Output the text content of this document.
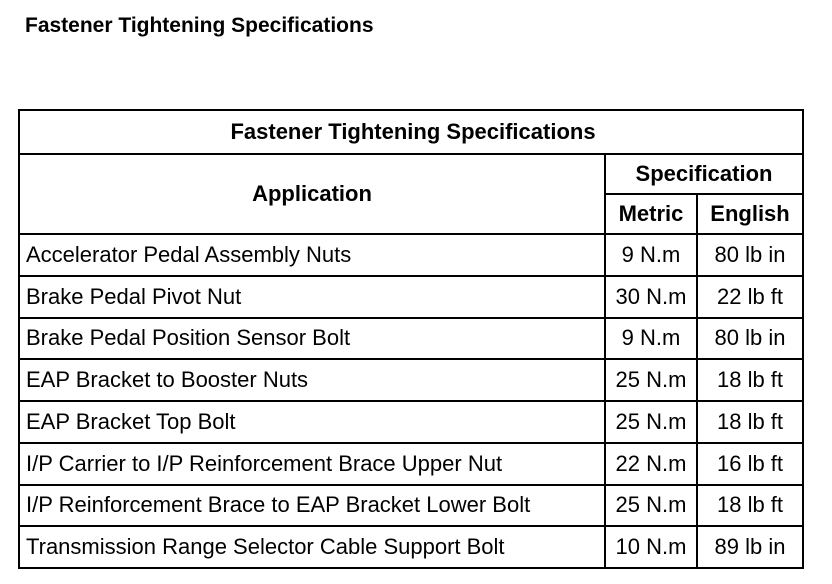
Fastener Tightening Specifications
Fastener Tightening Specifications		
Application	Specification	
	Metric	English
Accelerator Pedal Assembly Nuts	9 N.m	80 lb in
Brake Pedal Pivot Nut	30 N.m	22 lb ft
Brake Pedal Position Sensor Bolt	9 N.m	80 lb in
EAP Bracket to Booster Nuts	25 N.m	18 lb ft
EAP Bracket Top Bolt	25 N.m	18 lb ft
I/P Carrier to I/P Reinforcement Brace Upper Nut	22 N.m	16 lb ft
I/P Reinforcement Brace to EAP Bracket Lower Bolt	25 N.m	18 lb ft
Transmission Range Selector Cable Support Bolt	10 N.m	89 lb in
